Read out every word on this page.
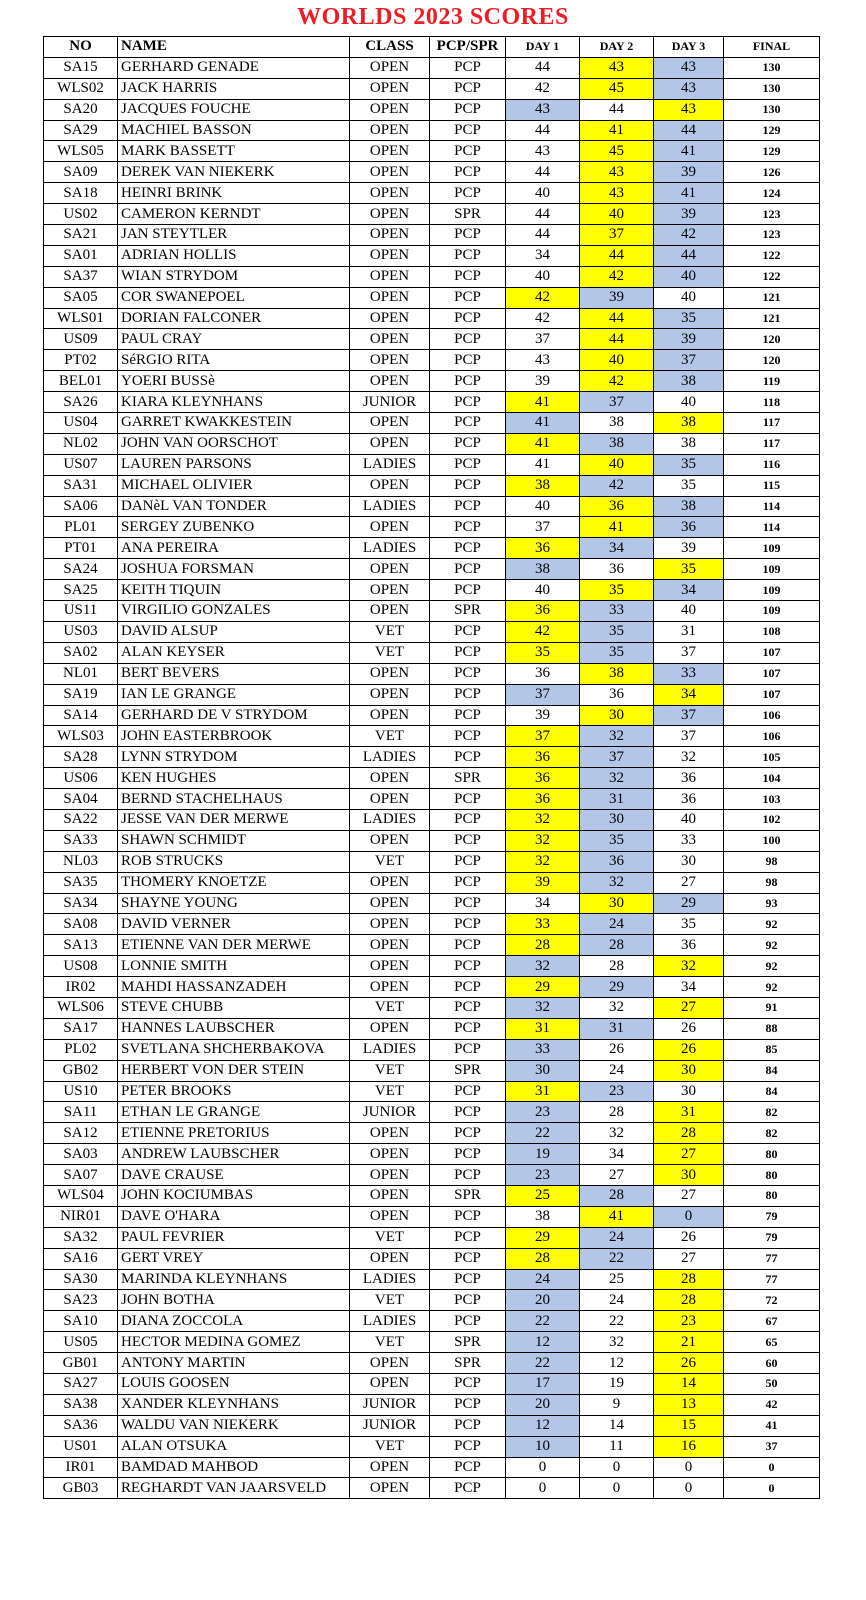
WORLDS 2023 SCORES
NO	NAME	CLASS	PCP/SPR	DAY 1	DAY 2	DAY 3	FINAL
SA15	GERHARD GENADE	OPEN	PCP	44	43	43	130
WLS02	JACK HARRIS	OPEN	PCP	42	45	43	130
SA20	JACQUES FOUCHE	OPEN	PCP	43	44	43	130
SA29	MACHIEL BASSON	OPEN	PCP	44	41	44	129
WLS05	MARK BASSETT	OPEN	PCP	43	45	41	129
SA09	DEREK VAN NIEKERK	OPEN	PCP	44	43	39	126
SA18	HEINRI BRINK	OPEN	PCP	40	43	41	124
US02	CAMERON KERNDT	OPEN	SPR	44	40	39	123
SA21	JAN STEYTLER	OPEN	PCP	44	37	42	123
SA01	ADRIAN HOLLIS	OPEN	PCP	34	44	44	122
SA37	WIAN STRYDOM	OPEN	PCP	40	42	40	122
SA05	COR SWANEPOEL	OPEN	PCP	42	39	40	121
WLS01	DORIAN FALCONER	OPEN	PCP	42	44	35	121
US09	PAUL CRAY	OPEN	PCP	37	44	39	120
PT02	SéRGIO RITA	OPEN	PCP	43	40	37	120
BEL01	YOERI BUSSè	OPEN	PCP	39	42	38	119
SA26	KIARA KLEYNHANS	JUNIOR	PCP	41	37	40	118
US04	GARRET KWAKKESTEIN	OPEN	PCP	41	38	38	117
NL02	JOHN VAN OORSCHOT	OPEN	PCP	41	38	38	117
US07	LAUREN PARSONS	LADIES	PCP	41	40	35	116
SA31	MICHAEL OLIVIER	OPEN	PCP	38	42	35	115
SA06	DANèL VAN TONDER	LADIES	PCP	40	36	38	114
PL01	SERGEY ZUBENKO	OPEN	PCP	37	41	36	114
PT01	ANA PEREIRA	LADIES	PCP	36	34	39	109
SA24	JOSHUA FORSMAN	OPEN	PCP	38	36	35	109
SA25	KEITH TIQUIN	OPEN	PCP	40	35	34	109
US11	VIRGILIO GONZALES	OPEN	SPR	36	33	40	109
US03	DAVID ALSUP	VET	PCP	42	35	31	108
SA02	ALAN KEYSER	VET	PCP	35	35	37	107
NL01	BERT BEVERS	OPEN	PCP	36	38	33	107
SA19	IAN LE GRANGE	OPEN	PCP	37	36	34	107
SA14	GERHARD DE V STRYDOM	OPEN	PCP	39	30	37	106
WLS03	JOHN EASTERBROOK	VET	PCP	37	32	37	106
SA28	LYNN STRYDOM	LADIES	PCP	36	37	32	105
US06	KEN HUGHES	OPEN	SPR	36	32	36	104
SA04	BERND STACHELHAUS	OPEN	PCP	36	31	36	103
SA22	JESSE VAN DER MERWE	LADIES	PCP	32	30	40	102
SA33	SHAWN SCHMIDT	OPEN	PCP	32	35	33	100
NL03	ROB STRUCKS	VET	PCP	32	36	30	98
SA35	THOMERY KNOETZE	OPEN	PCP	39	32	27	98
SA34	SHAYNE YOUNG	OPEN	PCP	34	30	29	93
SA08	DAVID VERNER	OPEN	PCP	33	24	35	92
SA13	ETIENNE VAN DER MERWE	OPEN	PCP	28	28	36	92
US08	LONNIE SMITH	OPEN	PCP	32	28	32	92
IR02	MAHDI HASSANZADEH	OPEN	PCP	29	29	34	92
WLS06	STEVE CHUBB	VET	PCP	32	32	27	91
SA17	HANNES LAUBSCHER	OPEN	PCP	31	31	26	88
PL02	SVETLANA SHCHERBAKOVA	LADIES	PCP	33	26	26	85
GB02	HERBERT VON DER STEIN	VET	SPR	30	24	30	84
US10	PETER BROOKS	VET	PCP	31	23	30	84
SA11	ETHAN LE GRANGE	JUNIOR	PCP	23	28	31	82
SA12	ETIENNE PRETORIUS	OPEN	PCP	22	32	28	82
SA03	ANDREW LAUBSCHER	OPEN	PCP	19	34	27	80
SA07	DAVE CRAUSE	OPEN	PCP	23	27	30	80
WLS04	JOHN KOCIUMBAS	OPEN	SPR	25	28	27	80
NIR01	DAVE O'HARA	OPEN	PCP	38	41	0	79
SA32	PAUL FEVRIER	VET	PCP	29	24	26	79
SA16	GERT VREY	OPEN	PCP	28	22	27	77
SA30	MARINDA KLEYNHANS	LADIES	PCP	24	25	28	77
SA23	JOHN BOTHA	VET	PCP	20	24	28	72
SA10	DIANA ZOCCOLA	LADIES	PCP	22	22	23	67
US05	HECTOR MEDINA GOMEZ	VET	SPR	12	32	21	65
GB01	ANTONY MARTIN	OPEN	SPR	22	12	26	60
SA27	LOUIS GOOSEN	OPEN	PCP	17	19	14	50
SA38	XANDER KLEYNHANS	JUNIOR	PCP	20	9	13	42
SA36	WALDU VAN NIEKERK	JUNIOR	PCP	12	14	15	41
US01	ALAN OTSUKA	VET	PCP	10	11	16	37
IR01	BAMDAD MAHBOD	OPEN	PCP	0	0	0	0
GB03	REGHARDT VAN JAARSVELD	OPEN	PCP	0	0	0	0
